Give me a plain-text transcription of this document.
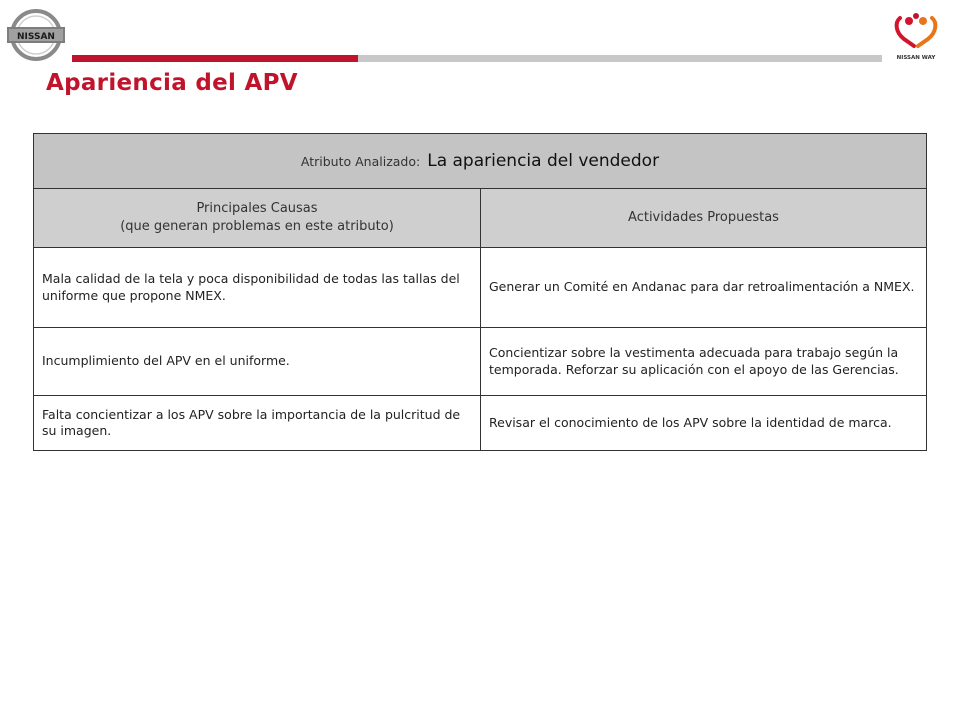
NISSAN
NISSAN WAY
Apariencia del APV
Atributo Analizado: La apariencia del vendedor	

Principales Causas
(que generan problemas en este atributo)	Actividades Propuestas
Mala calidad de la tela y poca disponibilidad de todas las tallas del uniforme que propone NMEX.	Generar un Comité en Andanac para dar retroalimentación a NMEX.
Incumplimiento del APV en el uniforme.	Concientizar sobre la vestimenta adecuada para trabajo según la temporada. Reforzar su aplicación con el apoyo de las Gerencias.
Falta concientizar a los APV sobre la importancia de la pulcritud de su imagen.	Revisar el conocimiento de los APV sobre la identidad de marca.
